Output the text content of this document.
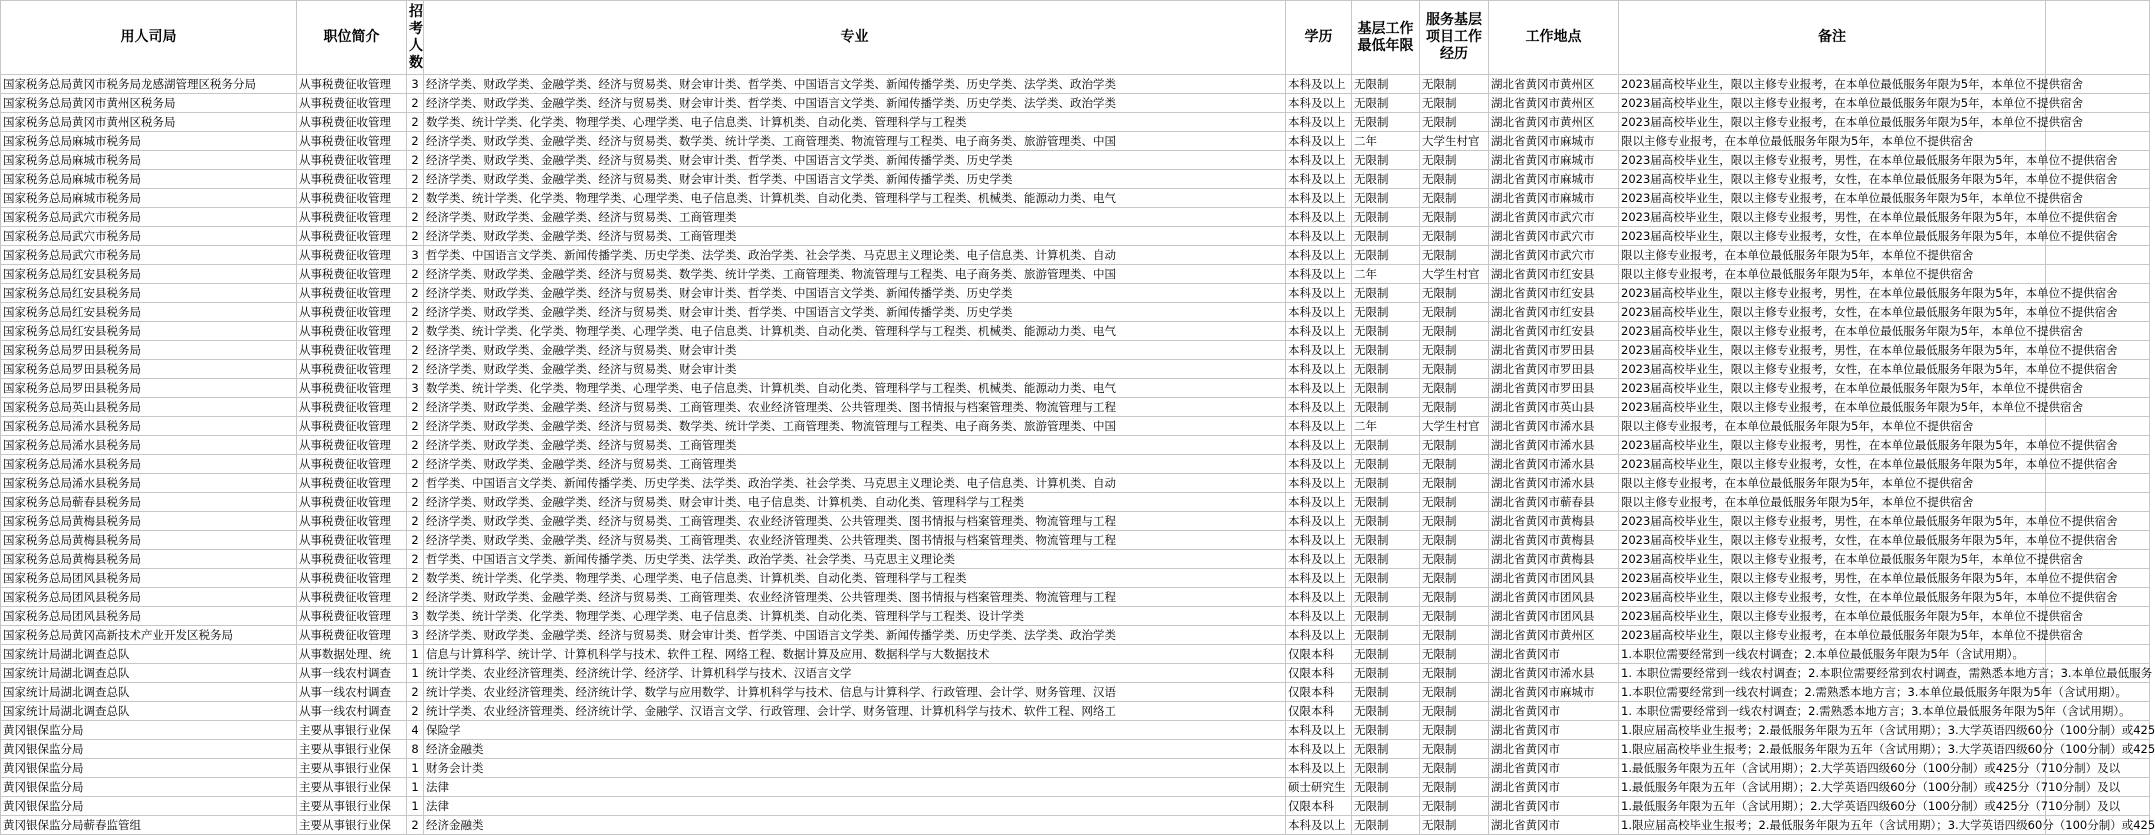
用人司局	职位简介	招考人数	专业	学历	基层工作最低年限	服务基层项目工作经历	工作地点	备注	
国家税务总局黄冈市税务局龙感湖管理区税务分局	从事税费征收管理	3	经济学类、财政学类、金融学类、经济与贸易类、财会审计类、哲学类、中国语言文学类、新闻传播学类、历史学类、法学类、政治学类	本科及以上	无限制	无限制	湖北省黄冈市黄州区	2023届高校毕业生，限以主修专业报考，在本单位最低服务年限为5年，本单位不提供宿舍	
国家税务总局黄冈市黄州区税务局	从事税费征收管理	2	经济学类、财政学类、金融学类、经济与贸易类、财会审计类、哲学类、中国语言文学类、新闻传播学类、历史学类、法学类、政治学类	本科及以上	无限制	无限制	湖北省黄冈市黄州区	2023届高校毕业生，限以主修专业报考，在本单位最低服务年限为5年，本单位不提供宿舍	
国家税务总局黄冈市黄州区税务局	从事税费征收管理	2	数学类、统计学类、化学类、物理学类、心理学类、电子信息类、计算机类、自动化类、管理科学与工程类	本科及以上	无限制	无限制	湖北省黄冈市黄州区	2023届高校毕业生，限以主修专业报考，在本单位最低服务年限为5年，本单位不提供宿舍	
国家税务总局麻城市税务局	从事税费征收管理	2	经济学类、财政学类、金融学类、经济与贸易类、数学类、统计学类、工商管理类、物流管理与工程类、电子商务类、旅游管理类、中国	本科及以上	二年	大学生村官	湖北省黄冈市麻城市	限以主修专业报考，在本单位最低服务年限为5年，本单位不提供宿舍	
国家税务总局麻城市税务局	从事税费征收管理	2	经济学类、财政学类、金融学类、经济与贸易类、财会审计类、哲学类、中国语言文学类、新闻传播学类、历史学类	本科及以上	无限制	无限制	湖北省黄冈市麻城市	2023届高校毕业生，限以主修专业报考，男性，在本单位最低服务年限为5年，本单位不提供宿舍	
国家税务总局麻城市税务局	从事税费征收管理	2	经济学类、财政学类、金融学类、经济与贸易类、财会审计类、哲学类、中国语言文学类、新闻传播学类、历史学类	本科及以上	无限制	无限制	湖北省黄冈市麻城市	2023届高校毕业生，限以主修专业报考，女性，在本单位最低服务年限为5年，本单位不提供宿舍	
国家税务总局麻城市税务局	从事税费征收管理	2	数学类、统计学类、化学类、物理学类、心理学类、电子信息类、计算机类、自动化类、管理科学与工程类、机械类、能源动力类、电气	本科及以上	无限制	无限制	湖北省黄冈市麻城市	2023届高校毕业生，限以主修专业报考，在本单位最低服务年限为5年，本单位不提供宿舍	
国家税务总局武穴市税务局	从事税费征收管理	2	经济学类、财政学类、金融学类、经济与贸易类、工商管理类	本科及以上	无限制	无限制	湖北省黄冈市武穴市	2023届高校毕业生，限以主修专业报考，男性，在本单位最低服务年限为5年，本单位不提供宿舍	
国家税务总局武穴市税务局	从事税费征收管理	2	经济学类、财政学类、金融学类、经济与贸易类、工商管理类	本科及以上	无限制	无限制	湖北省黄冈市武穴市	2023届高校毕业生，限以主修专业报考，女性，在本单位最低服务年限为5年，本单位不提供宿舍	
国家税务总局武穴市税务局	从事税费征收管理	3	哲学类、中国语言文学类、新闻传播学类、历史学类、法学类、政治学类、社会学类、马克思主义理论类、电子信息类、计算机类、自动	本科及以上	无限制	无限制	湖北省黄冈市武穴市	限以主修专业报考，在本单位最低服务年限为5年，本单位不提供宿舍	
国家税务总局红安县税务局	从事税费征收管理	2	经济学类、财政学类、金融学类、经济与贸易类、数学类、统计学类、工商管理类、物流管理与工程类、电子商务类、旅游管理类、中国	本科及以上	二年	大学生村官	湖北省黄冈市红安县	限以主修专业报考，在本单位最低服务年限为5年，本单位不提供宿舍	
国家税务总局红安县税务局	从事税费征收管理	2	经济学类、财政学类、金融学类、经济与贸易类、财会审计类、哲学类、中国语言文学类、新闻传播学类、历史学类	本科及以上	无限制	无限制	湖北省黄冈市红安县	2023届高校毕业生，限以主修专业报考，男性，在本单位最低服务年限为5年，本单位不提供宿舍	
国家税务总局红安县税务局	从事税费征收管理	2	经济学类、财政学类、金融学类、经济与贸易类、财会审计类、哲学类、中国语言文学类、新闻传播学类、历史学类	本科及以上	无限制	无限制	湖北省黄冈市红安县	2023届高校毕业生，限以主修专业报考，女性，在本单位最低服务年限为5年，本单位不提供宿舍	
国家税务总局红安县税务局	从事税费征收管理	2	数学类、统计学类、化学类、物理学类、心理学类、电子信息类、计算机类、自动化类、管理科学与工程类、机械类、能源动力类、电气	本科及以上	无限制	无限制	湖北省黄冈市红安县	2023届高校毕业生，限以主修专业报考，在本单位最低服务年限为5年，本单位不提供宿舍	
国家税务总局罗田县税务局	从事税费征收管理	2	经济学类、财政学类、金融学类、经济与贸易类、财会审计类	本科及以上	无限制	无限制	湖北省黄冈市罗田县	2023届高校毕业生，限以主修专业报考，男性，在本单位最低服务年限为5年，本单位不提供宿舍	
国家税务总局罗田县税务局	从事税费征收管理	2	经济学类、财政学类、金融学类、经济与贸易类、财会审计类	本科及以上	无限制	无限制	湖北省黄冈市罗田县	2023届高校毕业生，限以主修专业报考，女性，在本单位最低服务年限为5年，本单位不提供宿舍	
国家税务总局罗田县税务局	从事税费征收管理	3	数学类、统计学类、化学类、物理学类、心理学类、电子信息类、计算机类、自动化类、管理科学与工程类、机械类、能源动力类、电气	本科及以上	无限制	无限制	湖北省黄冈市罗田县	2023届高校毕业生，限以主修专业报考，在本单位最低服务年限为5年，本单位不提供宿舍	
国家税务总局英山县税务局	从事税费征收管理	2	经济学类、财政学类、金融学类、经济与贸易类、工商管理类、农业经济管理类、公共管理类、图书情报与档案管理类、物流管理与工程	本科及以上	无限制	无限制	湖北省黄冈市英山县	2023届高校毕业生，限以主修专业报考，在本单位最低服务年限为5年，本单位不提供宿舍	
国家税务总局浠水县税务局	从事税费征收管理	2	经济学类、财政学类、金融学类、经济与贸易类、数学类、统计学类、工商管理类、物流管理与工程类、电子商务类、旅游管理类、中国	本科及以上	二年	大学生村官	湖北省黄冈市浠水县	限以主修专业报考，在本单位最低服务年限为5年，本单位不提供宿舍	
国家税务总局浠水县税务局	从事税费征收管理	2	经济学类、财政学类、金融学类、经济与贸易类、工商管理类	本科及以上	无限制	无限制	湖北省黄冈市浠水县	2023届高校毕业生，限以主修专业报考，男性，在本单位最低服务年限为5年，本单位不提供宿舍	
国家税务总局浠水县税务局	从事税费征收管理	2	经济学类、财政学类、金融学类、经济与贸易类、工商管理类	本科及以上	无限制	无限制	湖北省黄冈市浠水县	2023届高校毕业生，限以主修专业报考，女性，在本单位最低服务年限为5年，本单位不提供宿舍	
国家税务总局浠水县税务局	从事税费征收管理	2	哲学类、中国语言文学类、新闻传播学类、历史学类、法学类、政治学类、社会学类、马克思主义理论类、电子信息类、计算机类、自动	本科及以上	无限制	无限制	湖北省黄冈市浠水县	限以主修专业报考，在本单位最低服务年限为5年，本单位不提供宿舍	
国家税务总局蕲春县税务局	从事税费征收管理	2	经济学类、财政学类、金融学类、经济与贸易类、财会审计类、电子信息类、计算机类、自动化类、管理科学与工程类	本科及以上	无限制	无限制	湖北省黄冈市蕲春县	限以主修专业报考，在本单位最低服务年限为5年，本单位不提供宿舍	
国家税务总局黄梅县税务局	从事税费征收管理	2	经济学类、财政学类、金融学类、经济与贸易类、工商管理类、农业经济管理类、公共管理类、图书情报与档案管理类、物流管理与工程	本科及以上	无限制	无限制	湖北省黄冈市黄梅县	2023届高校毕业生，限以主修专业报考，男性，在本单位最低服务年限为5年，本单位不提供宿舍	
国家税务总局黄梅县税务局	从事税费征收管理	2	经济学类、财政学类、金融学类、经济与贸易类、工商管理类、农业经济管理类、公共管理类、图书情报与档案管理类、物流管理与工程	本科及以上	无限制	无限制	湖北省黄冈市黄梅县	2023届高校毕业生，限以主修专业报考，女性，在本单位最低服务年限为5年，本单位不提供宿舍	
国家税务总局黄梅县税务局	从事税费征收管理	2	哲学类、中国语言文学类、新闻传播学类、历史学类、法学类、政治学类、社会学类、马克思主义理论类	本科及以上	无限制	无限制	湖北省黄冈市黄梅县	2023届高校毕业生，限以主修专业报考，在本单位最低服务年限为5年，本单位不提供宿舍	
国家税务总局团风县税务局	从事税费征收管理	2	数学类、统计学类、化学类、物理学类、心理学类、电子信息类、计算机类、自动化类、管理科学与工程类	本科及以上	无限制	无限制	湖北省黄冈市团风县	2023届高校毕业生，限以主修专业报考，男性，在本单位最低服务年限为5年，本单位不提供宿舍	
国家税务总局团风县税务局	从事税费征收管理	2	经济学类、财政学类、金融学类、经济与贸易类、工商管理类、农业经济管理类、公共管理类、图书情报与档案管理类、物流管理与工程	本科及以上	无限制	无限制	湖北省黄冈市团风县	2023届高校毕业生，限以主修专业报考，女性，在本单位最低服务年限为5年，本单位不提供宿舍	
国家税务总局团风县税务局	从事税费征收管理	3	数学类、统计学类、化学类、物理学类、心理学类、电子信息类、计算机类、自动化类、管理科学与工程类、设计学类	本科及以上	无限制	无限制	湖北省黄冈市团风县	2023届高校毕业生，限以主修专业报考，在本单位最低服务年限为5年，本单位不提供宿舍	
国家税务总局黄冈高新技术产业开发区税务局	从事税费征收管理	3	经济学类、财政学类、金融学类、经济与贸易类、财会审计类、哲学类、中国语言文学类、新闻传播学类、历史学类、法学类、政治学类	本科及以上	无限制	无限制	湖北省黄冈市黄州区	2023届高校毕业生，限以主修专业报考，在本单位最低服务年限为5年，本单位不提供宿舍	
国家统计局湖北调查总队	从事数据处理、统	1	信息与计算科学、统计学、计算机科学与技术、软件工程、网络工程、数据计算及应用、数据科学与大数据技术	仅限本科	无限制	无限制	湖北省黄冈市	1.本职位需要经常到一线农村调查；2.本单位最低服务年限为5年（含试用期）。	
国家统计局湖北调查总队	从事一线农村调查	1	统计学类、农业经济管理类、经济统计学、经济学、计算机科学与技术、汉语言文学	仅限本科	无限制	无限制	湖北省黄冈市浠水县	1. 本职位需要经常到一线农村调查；2.本职位需要经常到农村调查，需熟悉本地方言；3.本单位最低服务	
国家统计局湖北调查总队	从事一线农村调查	2	统计学类、农业经济管理类、经济统计学、数学与应用数学、计算机科学与技术、信息与计算科学、行政管理、会计学、财务管理、汉语	仅限本科	无限制	无限制	湖北省黄冈市麻城市	1.本职位需要经常到一线农村调查；2.需熟悉本地方言；3.本单位最低服务年限为5年（含试用期）。	
国家统计局湖北调查总队	从事一线农村调查	2	统计学类、农业经济管理类、经济统计学、金融学、汉语言文学、行政管理、会计学、财务管理、计算机科学与技术、软件工程、网络工	仅限本科	无限制	无限制	湖北省黄冈市	1. 本职位需要经常到一线农村调查；2.需熟悉本地方言；3.本单位最低服务年限为5年（含试用期）。	
黄冈银保监分局	主要从事银行业保	4	保险学	本科及以上	无限制	无限制	湖北省黄冈市	1.限应届高校毕业生报考；2.最低服务年限为五年（含试用期）；3.大学英语四级60分（100分制）或425	
黄冈银保监分局	主要从事银行业保	8	经济金融类	本科及以上	无限制	无限制	湖北省黄冈市	1.限应届高校毕业生报考；2.最低服务年限为五年（含试用期）；3.大学英语四级60分（100分制）或425	
黄冈银保监分局	主要从事银行业保	1	财务会计类	本科及以上	无限制	无限制	湖北省黄冈市	1.最低服务年限为五年（含试用期）；2.大学英语四级60分（100分制）或425分（710分制）及以	
黄冈银保监分局	主要从事银行业保	1	法律	硕士研究生	无限制	无限制	湖北省黄冈市	1.最低服务年限为五年（含试用期）；2.大学英语四级60分（100分制）或425分（710分制）及以	
黄冈银保监分局	主要从事银行业保	1	法律	仅限本科	无限制	无限制	湖北省黄冈市	1.最低服务年限为五年（含试用期）；2.大学英语四级60分（100分制）或425分（710分制）及以	
黄冈银保监分局蕲春监管组	主要从事银行业保	2	经济金融类	本科及以上	无限制	无限制	湖北省黄冈市	1.限应届高校毕业生报考；2.最低服务年限为五年（含试用期）；3.大学英语四级60分（100分制）或425	
